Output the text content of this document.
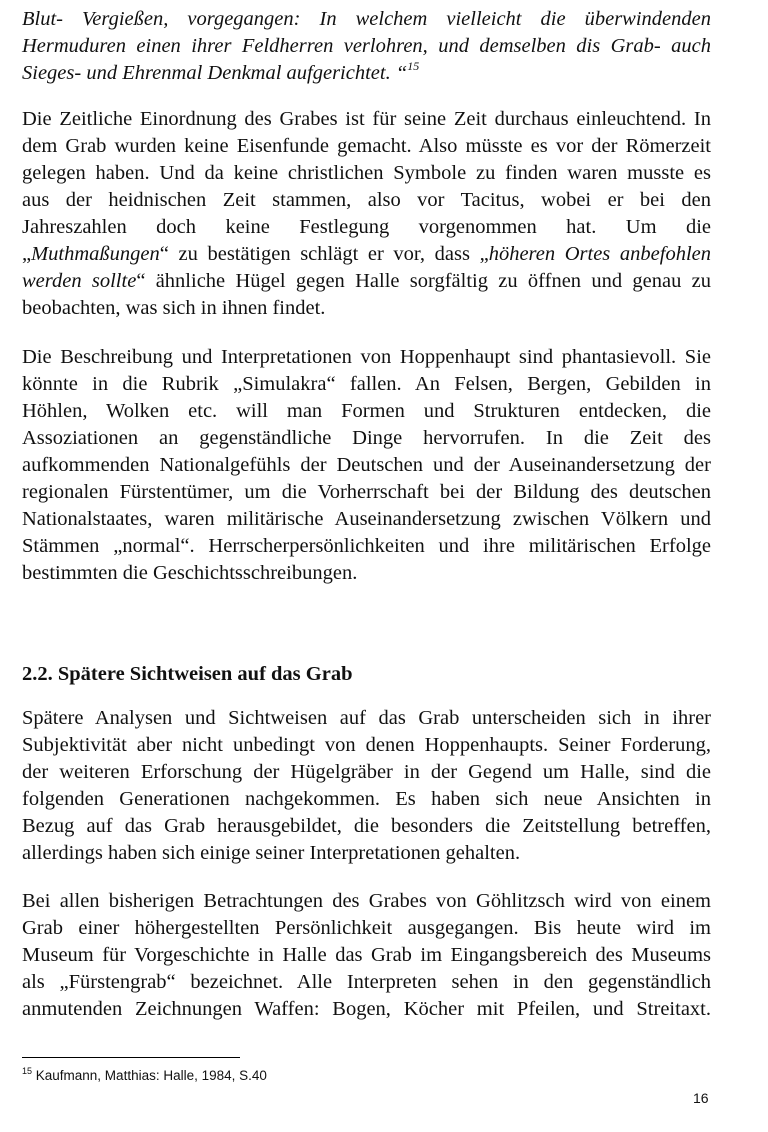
Blut- Vergießen, vorgegangen: In welchem vielleicht die überwindenden
Hermuduren einen ihrer Feldherren verlohren, und demselben dis Grab- auch
Sieges- und Ehrenmal Denkmal aufgerichtet. “$^{15}$
Die Zeitliche Einordnung des Grabes ist für seine Zeit durchaus einleuchtend. In
dem Grab wurden keine Eisenfunde gemacht. Also müsste es vor der Römerzeit
gelegen haben. Und da keine christlichen Symbole zu finden waren musste es
aus der heidnischen Zeit stammen, also vor Tacitus, wobei er bei den
Jahreszahlen doch keine Festlegung vorgenommen hat. Um die
„Muthmaßungen“ zu bestätigen schlägt er vor, dass „höheren Ortes anbefohlen
werden sollte“ ähnliche Hügel gegen Halle sorgfältig zu öffnen und genau zu
beobachten, was sich in ihnen findet.
Die Beschreibung und Interpretationen von Hoppenhaupt sind phantasievoll. Sie
könnte in die Rubrik „Simulakra“ fallen. An Felsen, Bergen, Gebilden in
Höhlen, Wolken etc. will man Formen und Strukturen entdecken, die
Assoziationen an gegenständliche Dinge hervorrufen. In die Zeit des
aufkommenden Nationalgefühls der Deutschen und der Auseinandersetzung der
regionalen Fürstentümer, um die Vorherrschaft bei der Bildung des deutschen
Nationalstaates, waren militärische Auseinandersetzung zwischen Völkern und
Stämmen „normal“. Herrscherpersönlichkeiten und ihre militärischen Erfolge
bestimmten die Geschichtsschreibungen.
2.2. Spätere Sichtweisen auf das Grab
Spätere Analysen und Sichtweisen auf das Grab unterscheiden sich in ihrer
Subjektivität aber nicht unbedingt von denen Hoppenhaupts. Seiner Forderung,
der weiteren Erforschung der Hügelgräber in der Gegend um Halle, sind die
folgenden Generationen nachgekommen. Es haben sich neue Ansichten in
Bezug auf das Grab herausgebildet, die besonders die Zeitstellung betreffen,
allerdings haben sich einige seiner Interpretationen gehalten.
Bei allen bisherigen Betrachtungen des Grabes von Göhlitzsch wird von einem
Grab einer höhergestellten Persönlichkeit ausgegangen. Bis heute wird im
Museum für Vorgeschichte in Halle das Grab im Eingangsbereich des Museums
als „Fürstengrab“ bezeichnet. Alle Interpreten sehen in den gegenständlich
anmutenden Zeichnungen Waffen: Bogen, Köcher mit Pfeilen, und Streitaxt.
$^{15}$ Kaufmann, Matthias: Halle, 1984, S.40
16
